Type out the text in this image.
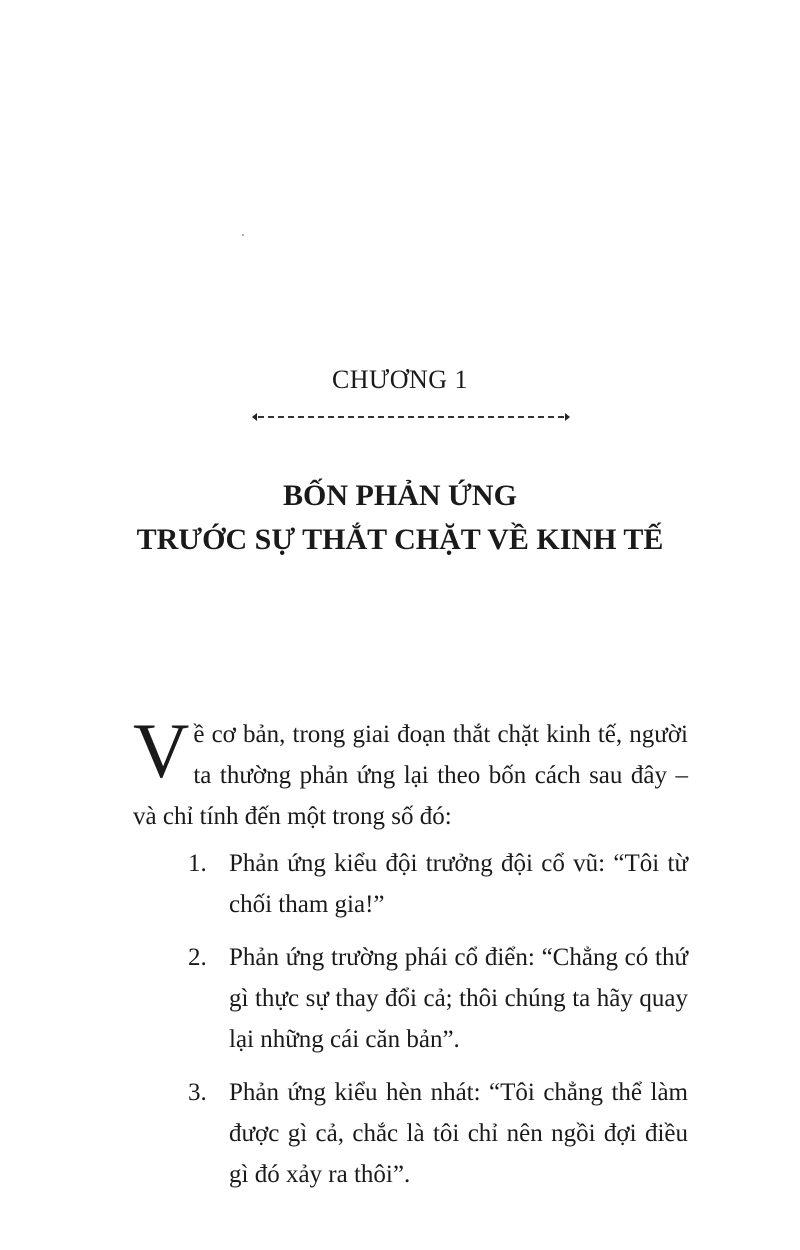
CHƯƠNG 1
BỐN PHẢN ỨNG
TRƯỚC SỰ THẮT CHẶT VỀ KINH TẾ

Về cơ bản, trong giai đoạn thắt chặt kinh tế, người ta thường phản ứng lại theo bốn cách sau đây – và chỉ tính đến một trong số đó:

1. Phản ứng kiểu đội trưởng đội cổ vũ: “Tôi từ chối tham gia!”
2. Phản ứng trường phái cổ điển: “Chẳng có thứ gì thực sự thay đổi cả; thôi chúng ta hãy quay lại những cái căn bản”.
3. Phản ứng kiểu hèn nhát: “Tôi chẳng thể làm được gì cả, chắc là tôi chỉ nên ngồi đợi điều gì đó xảy ra thôi”.
